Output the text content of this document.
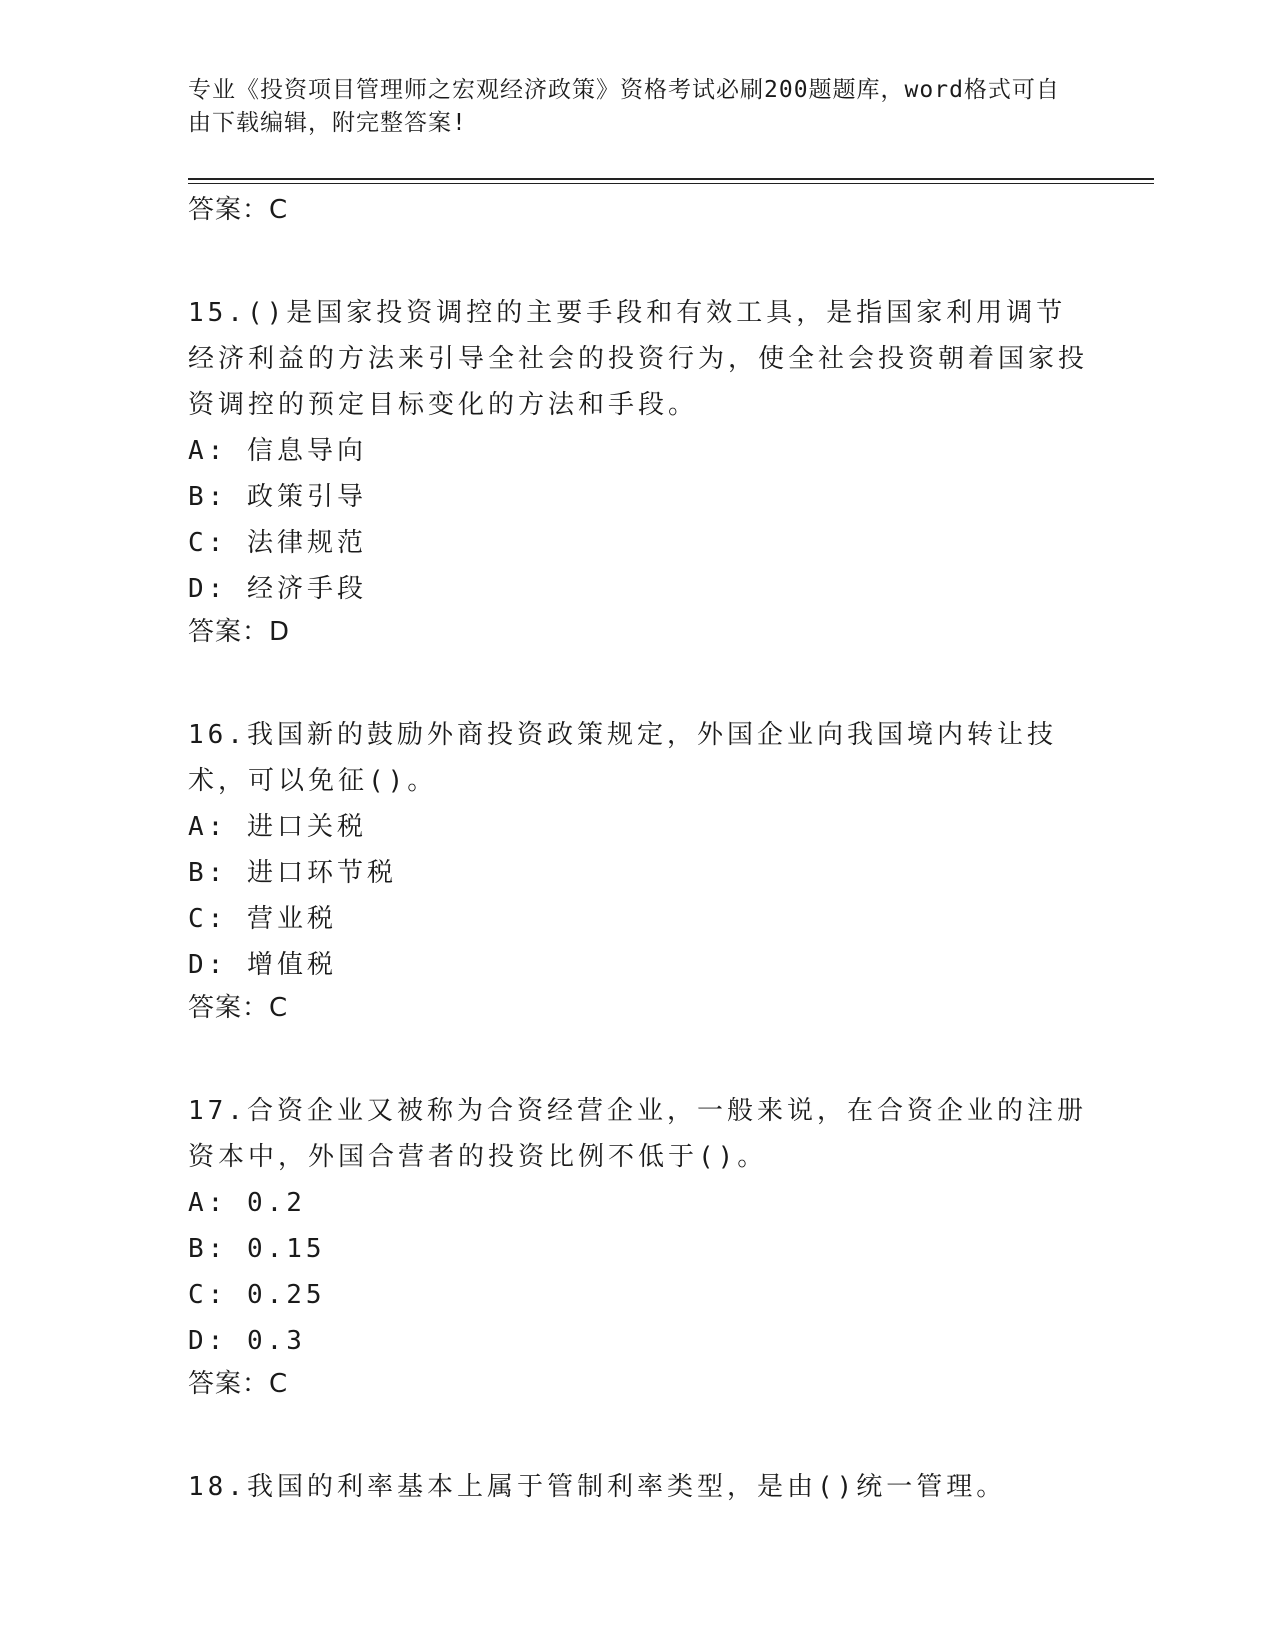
专业《投资项目管理师之宏观经济政策》资格考试必刷200题题库，word格式可自由下载编辑，附完整答案!
答案：C
15.()是国家投资调控的主要手段和有效工具，是指国家利用调节经济利益的方法来引导全社会的投资行为，使全社会投资朝着国家投资调控的预定目标变化的方法和手段。
A: 信息导向
B: 政策引导
C: 法律规范
D: 经济手段
答案：D
16.我国新的鼓励外商投资政策规定，外国企业向我国境内转让技术，可以免征()。
A: 进口关税
B: 进口环节税
C: 营业税
D: 增值税
答案：C
17.合资企业又被称为合资经营企业，一般来说，在合资企业的注册资本中，外国合营者的投资比例不低于()。
A: 0.2
B: 0.15
C: 0.25
D: 0.3
答案：C
18.我国的利率基本上属于管制利率类型，是由()统一管理。
